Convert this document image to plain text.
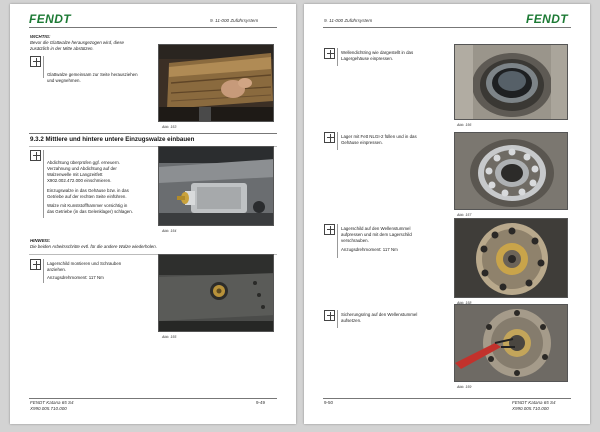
FENDT	9. 11-000 Zuführsystem
WICHTIG:
Bevor die Glattwalze herausgezogen wird, diese
zusätzlich in der Mitte abstützen.
Glattwalze gemeinsam zur Seite herausziehen
und wegnehmen.
Abb. 153
9.3.2 Mittlere und hintere untere Einzugswalze einbauen
Abdichtung überprüfen ggf. erneuern.
Verzahnung und Abdichtung auf der
Walzenwelle mit Langzeitfett
X902.002.472.000 einschmieren.
Einzugswalze in das Gehäuse bzw. in das
Getriebe auf der rechten Seite einführen.
Walze mit Kunststoffhammer vorsichtig in
das Getriebe (in das Gelenklager) schlagen.
Abb. 154
HINWEIS:
Die beiden Arbeitsschritte evtl. für die andere Walze wiederholen.
Lagerschild montieren und Schrauben
anziehen.
Anzugsdrehmoment: 117 Nm
Abb. 155
FENDT Katana 65 S4
X990.005.710.000
9-49
9. 11-000 Zuführsystem	FENDT
Wellendichtring wie dargestellt in das
Lagergehäuse einpressen.
Abb. 156
Lager mit Fett NLGI-2 füllen und in das
Gehäuse einpressen.
Abb. 157
Lagerschild auf den Wellenstummel
aufpressen und mit dem Lagerschild
verschrauben.
Anzugsdrehmoment: 117 Nm
Abb. 158
Sicherungsring auf den Wellenstummel
aufsetzen.
Abb. 159
9-50	FENDT Katana 65 S4
X990.005.710.000
